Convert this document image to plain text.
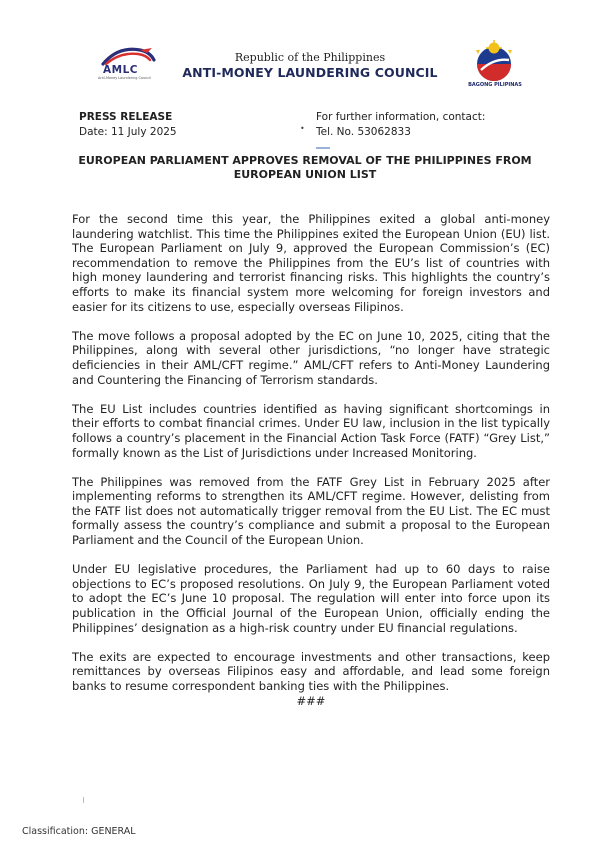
AMLC
Anti-Money Laundering Council
Republic of the Philippines
ANTI-MONEY LAUNDERING COUNCIL
BAGONG PILIPINAS
PRESS RELEASE
Date: 11 July 2025	•
For further information, contact:
Tel. No. 53062833
EUROPEAN PARLIAMENT APPROVES REMOVAL OF THE PHILIPPINES FROM EUROPEAN UNION LIST

For the second time this year, the Philippines exited a global anti-money laundering watchlist. This time the Philippines exited the European Union (EU) list. The European Parliament on July 9, approved the European Commission’s (EC) recommendation to remove the Philippines from the EU’s list of countries with high money laundering and terrorist financing risks. This highlights the country’s efforts to make its financial system more welcoming for foreign investors and easier for its citizens to use, especially overseas Filipinos.

The move follows a proposal adopted by the EC on June 10, 2025, citing that the Philippines, along with several other jurisdictions, “no longer have strategic deficiencies in their AML/CFT regime.” AML/CFT refers to Anti-Money Laundering and Countering the Financing of Terrorism standards.

The EU List includes countries identified as having significant shortcomings in their efforts to combat financial crimes. Under EU law, inclusion in the list typically follows a country’s placement in the Financial Action Task Force (FATF) “Grey List,” formally known as the List of Jurisdictions under Increased Monitoring.

The Philippines was removed from the FATF Grey List in February 2025 after implementing reforms to strengthen its AML/CFT regime. However, delisting from the FATF list does not automatically trigger removal from the EU List. The EC must formally assess the country’s compliance and submit a proposal to the European Parliament and the Council of the European Union.

Under EU legislative procedures, the Parliament had up to 60 days to raise objections to EC’s proposed resolutions. On July 9, the European Parliament voted to adopt the EC’s June 10 proposal. The regulation will enter into force upon its publication in the Official Journal of the European Union, officially ending the Philippines’ designation as a high-risk country under EU financial regulations.

The exits are expected to encourage investments and other transactions, keep remittances by overseas Filipinos easy and affordable, and lead some foreign banks to resume correspondent banking ties with the Philippines.

###
Classification: GENERAL
